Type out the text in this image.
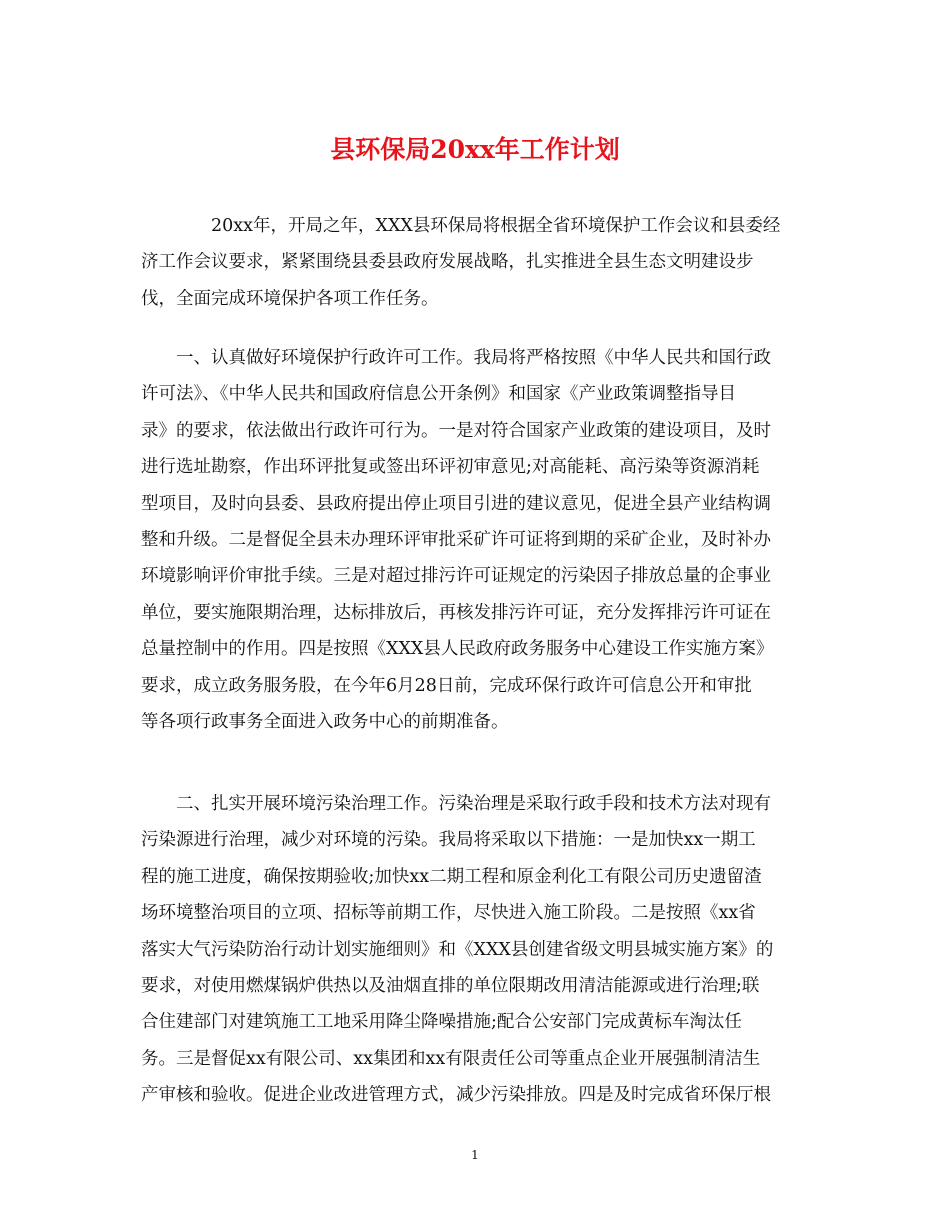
县环保局20xx年工作计划

20xx年，开局之年，XXX县环保局将根据全省环境保护工作会议和县委经
济工作会议要求，紧紧围绕县委县政府发展战略，扎实推进全县生态文明建设步
伐，全面完成环境保护各项工作任务。

一、认真做好环境保护行政许可工作。我局将严格按照《中华人民共和国行政
许可法》、《中华人民共和国政府信息公开条例》和国家《产业政策调整指导目
录》的要求，依法做出行政许可行为。一是对符合国家产业政策的建设项目，及时
进行选址勘察，作出环评批复或签出环评初审意见;对高能耗、高污染等资源消耗
型项目，及时向县委、县政府提出停止项目引进的建议意见，促进全县产业结构调
整和升级。二是督促全县未办理环评审批采矿许可证将到期的采矿企业，及时补办
环境影响评价审批手续。三是对超过排污许可证规定的污染因子排放总量的企事业
单位，要实施限期治理，达标排放后，再核发排污许可证，充分发挥排污许可证在
总量控制中的作用。四是按照《XXX县人民政府政务服务中心建设工作实施方案》
要求，成立政务服务股，在今年6月28日前，完成环保行政许可信息公开和审批
等各项行政事务全面进入政务中心的前期准备。

二、扎实开展环境污染治理工作。污染治理是采取行政手段和技术方法对现有
污染源进行治理，减少对环境的污染。我局将采取以下措施：一是加快xx一期工
程的施工进度，确保按期验收;加快xx二期工程和原金利化工有限公司历史遗留渣
场环境整治项目的立项、招标等前期工作，尽快进入施工阶段。二是按照《xx省
落实大气污染防治行动计划实施细则》和《XXX县创建省级文明县城实施方案》的
要求，对使用燃煤锅炉供热以及油烟直排的单位限期改用清洁能源或进行治理;联
合住建部门对建筑施工工地采用降尘降噪措施;配合公安部门完成黄标车淘汰任
务。三是督促xx有限公司、xx集团和xx有限责任公司等重点企业开展强制清洁生
产审核和验收。促进企业改进管理方式，减少污染排放。四是及时完成省环保厅根

1
